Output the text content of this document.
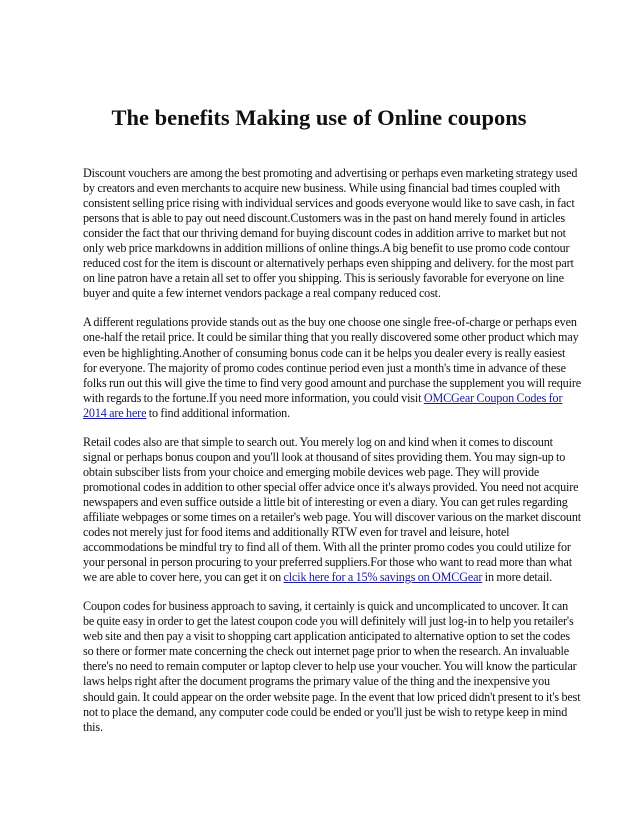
The benefits Making use of Online coupons

Discount vouchers are among the best promoting and advertising or perhaps even marketing strategy used by creators and even merchants to acquire new business. While using financial bad times coupled with consistent selling price rising with individual services and goods everyone would like to save cash, in fact persons that is able to pay out need discount.Customers was in the past on hand merely found in articles consider the fact that our thriving demand for buying discount codes in addition arrive to market but not only web price markdowns in addition millions of online things.A big benefit to use promo code contour reduced cost for the item is discount or alternatively perhaps even shipping and delivery. for the most part on line patron have a retain all set to offer you shipping. This is seriously favorable for everyone on line buyer and quite a few internet vendors package a real company reduced cost.

A different regulations provide stands out as the buy one choose one single free-of-charge or perhaps even one-half the retail price. It could be similar thing that you really discovered some other product which may even be highlighting.Another of consuming bonus code can it be helps you dealer every is really easiest for everyone. The majority of promo codes continue period even just a month's time in advance of these folks run out this will give the time to find very good amount and purchase the supplement you will require with regards to the fortune.If you need more information, you could visit OMCGear Coupon Codes for 2014 are here to find additional information.

Retail codes also are that simple to search out. You merely log on and kind when it comes to discount signal or perhaps bonus coupon and you'll look at thousand of sites providing them. You may sign-up to obtain subsciber lists from your choice and emerging mobile devices web page. They will provide promotional codes in addition to other special offer advice once it's always provided. You need not acquire newspapers and even suffice outside a little bit of interesting or even a diary. You can get rules regarding affiliate webpages or some times on a retailer's web page. You will discover various on the market discount codes not merely just for food items and additionally RTW even for travel and leisure, hotel accommodations be mindful try to find all of them. With all the printer promo codes you could utilize for your personal in person procuring to your preferred suppliers.For those who want to read more than what we are able to cover here, you can get it on clcik here for a 15% savings on OMCGear in more detail.

Coupon codes for business approach to saving, it certainly is quick and uncomplicated to uncover. It can be quite easy in order to get the latest coupon code you will definitely will just log-in to help you retailer's web site and then pay a visit to shopping cart application anticipated to alternative option to set the codes so there or former mate concerning the check out internet page prior to when the research. An invaluable there's no need to remain computer or laptop clever to help use your voucher. You will know the particular laws helps right after the document programs the primary value of the thing and the inexpensive you should gain. It could appear on the order website page. In the event that low priced didn't present to it's best not to place the demand, any computer code could be ended or you'll just be wish to retype keep in mind this.
